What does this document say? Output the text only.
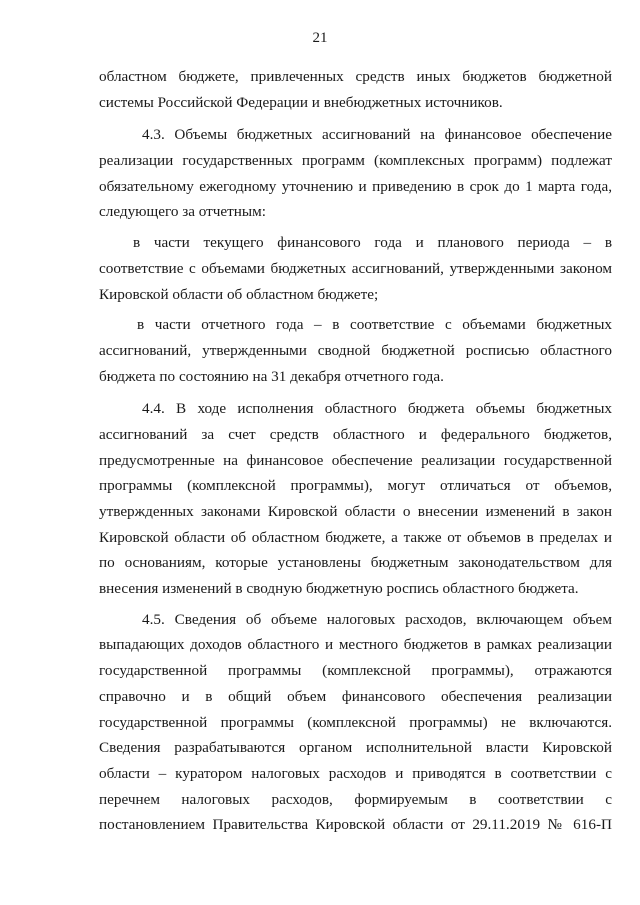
21
областном бюджете, привлеченных средств иных бюджетов бюджетной
системы Российской Федерации и внебюджетных источников.
4.3. Объемы бюджетных ассигнований на финансовое обеспечение
реализации государственных программ (комплексных программ) подлежат
обязательному ежегодному уточнению и приведению в срок до 1 марта года,
следующего за отчетным:
в части текущего финансового года и планового периода – в
соответствие с объемами бюджетных ассигнований, утвержденными законом
Кировской области об областном бюджете;
в части отчетного года – в соответствие с объемами бюджетных
ассигнований, утвержденными сводной бюджетной росписью областного
бюджета по состоянию на 31 декабря отчетного года.
4.4. В ходе исполнения областного бюджета объемы бюджетных
ассигнований за счет средств областного и федерального бюджетов,
предусмотренные на финансовое обеспечение реализации государственной
программы (комплексной программы), могут отличаться от объемов,
утвержденных законами Кировской области о внесении изменений в закон
Кировской области об областном бюджете, а также от объемов в пределах и
по основаниям, которые установлены бюджетным законодательством для
внесения изменений в сводную бюджетную роспись областного бюджета.
4.5. Сведения об объеме налоговых расходов, включающем объем
выпадающих доходов областного и местного бюджетов в рамках реализации
государственной программы (комплексной программы), отражаются
справочно и в общий объем финансового обеспечения реализации
государственной программы (комплексной программы) не включаются.
Сведения разрабатываются органом исполнительной власти Кировской
области – куратором налоговых расходов и приводятся в соответствии с
перечнем налоговых расходов, формируемым в соответствии с
постановлением Правительства Кировской области от 29.11.2019 № 616-П
